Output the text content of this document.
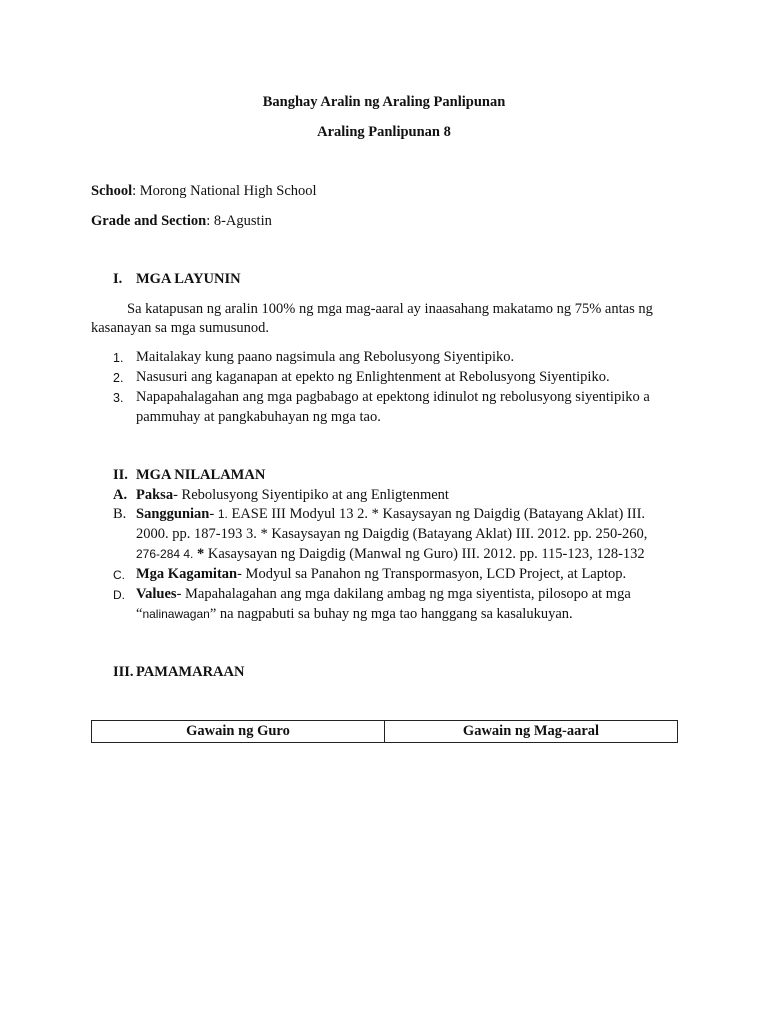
Banghay Aralin ng Araling Panlipunan
Araling Panlipunan 8
School: Morong National High School
Grade and Section: 8-Agustin
I. MGA LAYUNIN
Sa katapusan ng aralin 100% ng mga mag-aaral ay inaasahang makatamo ng 75% antas ng
kasanayan sa mga sumusunod.
1. Maitalakay kung paano nagsimula ang Rebolusyong Siyentipiko.
2. Nasusuri ang kaganapan at epekto ng Enlightenment at Rebolusyong Siyentipiko.
3. Napapahalagahan ang mga pagbabago at epektong idinulot ng rebolusyong siyentipiko a
pammuhay at pangkabuhayan ng mga tao.
II. MGA NILALAMAN
A. Paksa- Rebolusyong Siyentipiko at ang Enligtenment
B. Sanggunian- 1. EASE III Modyul 13 2. * Kasaysayan ng Daigdig (Batayang Aklat) III.
2000. pp. 187-193 3. * Kasaysayan ng Daigdig (Batayang Aklat) III. 2012. pp. 250-260,
276-284 4. * Kasaysayan ng Daigdig (Manwal ng Guro) III. 2012. pp. 115-123, 128-132
C. Mga Kagamitan- Modyul sa Panahon ng Transpormasyon, LCD Project, at Laptop.
D. Values- Mapahalagahan ang mga dakilang ambag ng mga siyentista, pilosopo at mga
“nalinawagan” na nagpabuti sa buhay ng mga tao hanggang sa kasalukuyan.
III. PAMAMARAAN
Gawain ng Guro	Gawain ng Mag-aaral
